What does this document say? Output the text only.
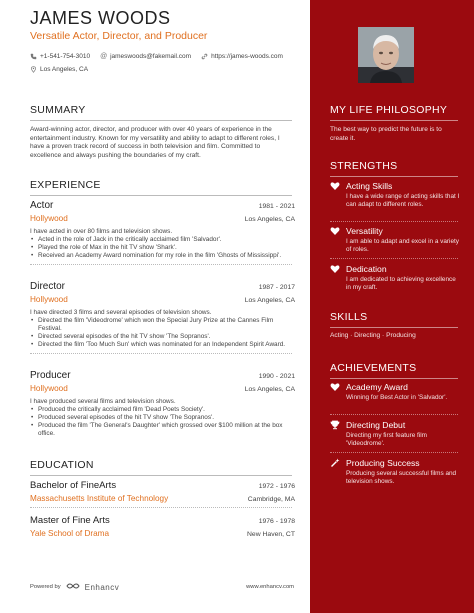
JAMES WOODS
Versatile Actor, Director, and Producer
+1-541-754-3010 @ jameswoods@fakemail.com	https://james-woods.com
Los Angeles, CA
SUMMARY
Award-winning actor, director, and producer with over 40 years of experience in the entertainment industry. Known for my versatility and ability to adapt to different roles, I have a proven track record of success in both television and film. Committed to excellence and always pushing the boundaries of my craft.
EXPERIENCE
Actor	1981 - 2021
Hollywood	Los Angeles, CA
I have acted in over 80 films and television shows.
• Acted in the role of Jack in the critically acclaimed film 'Salvador'.
• Played the role of Max in the hit TV show 'Shark'.
• Received an Academy Award nomination for my role in the film 'Ghosts of Mississippi'.
Director	1987 - 2017
Hollywood	Los Angeles, CA
I have directed 3 films and several episodes of television shows.
• Directed the film 'Videodrome' which won the Special Jury Prize at the Cannes Film Festival.
• Directed several episodes of the hit TV show 'The Sopranos'.
• Directed the film 'Too Much Sun' which was nominated for an Independent Spirit Award.
Producer	1990 - 2021
Hollywood	Los Angeles, CA
I have produced several films and television shows.
• Produced the critically acclaimed film 'Dead Poets Society'.
• Produced several episodes of the hit TV show 'The Sopranos'.
• Produced the film 'The General's Daughter' which grossed over $100 million at the box office.
EDUCATION
Bachelor of FineArts	1972 - 1976
Massachusetts Institute of Technology	Cambridge, MA
Master of Fine Arts	1976 - 1978
Yale School of Drama	New Haven, CT
Powered by	Enhancv	www.enhancv.com
MY LIFE PHILOSOPHY
The best way to predict the future is to create it.
STRENGTHS
Acting Skills
I have a wide range of acting skills that I can adapt to different roles.
Versatility
I am able to adapt and excel in a variety of roles.
Dedication
I am dedicated to achieving excellence in my craft.
SKILLS
Acting · Directing · Producing
ACHIEVEMENTS
Academy Award
Winning for Best Actor in 'Salvador'.
Directing Debut
Directing my first feature film 'Videodrome'.
Producing Success
Producing several successful films and television shows.
